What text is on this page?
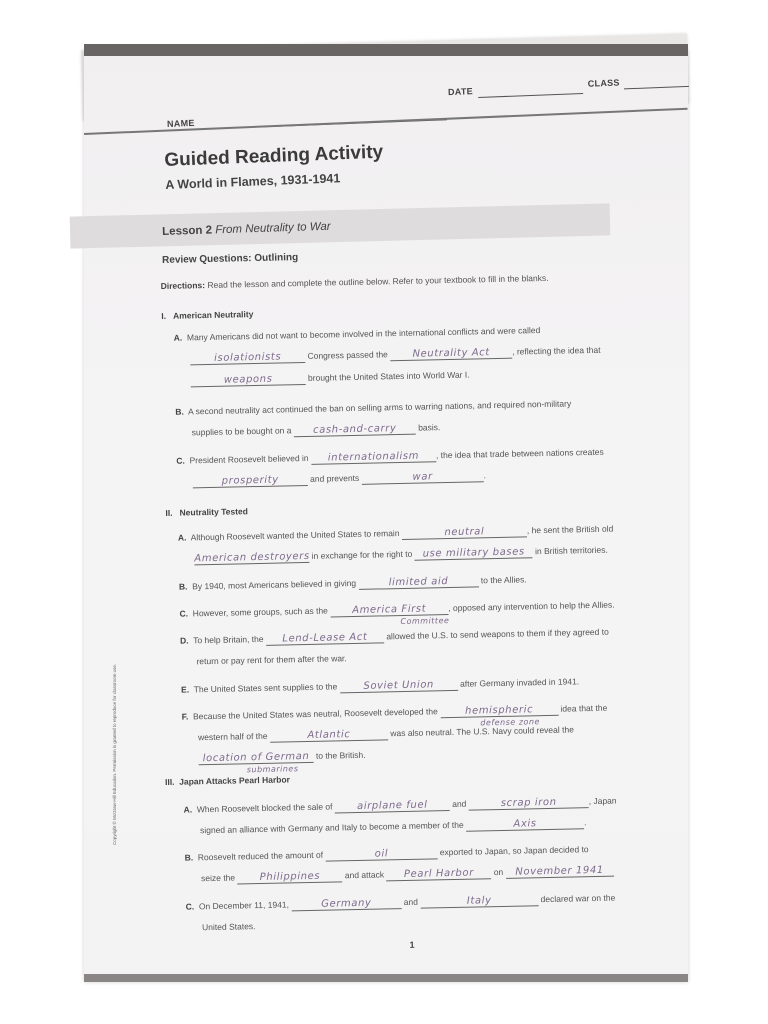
NAME
DATE
CLASS
Guided Reading Activity
A World in Flames, 1931-1941
Lesson 2 From Neutrality to War
Review Questions: Outlining
Directions: Read the lesson and complete the outline below. Refer to your textbook to fill in the blanks.
I. American Neutrality
A. Many Americans did not want to become involved in the international conflicts and were called
isolationists	Congress passed the Neutrality Act	, reflecting the idea that
weapons	brought the United States into World War I.
B. A second neutrality act continued the ban on selling arms to warring nations, and required non-military
supplies to be bought on a cash-and-carry	basis.
C. President Roosevelt believed in internationalism , the idea that trade between nations creates
prosperity	and prevents	war	.
II. Neutrality Tested
A. Although Roosevelt wanted the United States to remain	neutral	, he sent the British old
American destroyers in exchange for the right to use military bases in British territories.
B. By 1940, most Americans believed in giving	limited aid	to the Allies.
C. However, some groups, such as the America First
Committee
, opposed any intervention to help the Allies.
D. To help Britain, the Lend-Lease Act allowed the U.S. to send weapons to them if they agreed to
return or pay rent for them after the war.
E. The United States sent supplies to the	Soviet Union	after Germany invaded in 1941.
F. Because the United States was neutral, Roosevelt developed the	hemispheric
defense zone
idea that the
western half of the	Atlantic	was also neutral. The U.S. Navy could reveal the
location of German
submarines
to the British.
III. Japan Attacks Pearl Harbor
A. When Roosevelt blocked the sale of airplane fuel	and	scrap iron	, Japan
signed an alliance with Germany and Italy to become a member of the	Axis	.
B. Roosevelt reduced the amount of	oil	exported to Japan, so Japan decided to
seize the Philippines	and attack Pearl Harbor on November 1941
C. On December 11, 1941,	Germany	and	Italy	declared war on the
United States.
1
Copyright © McGraw-Hill Education. Permission is granted to reproduce for classroom use.
